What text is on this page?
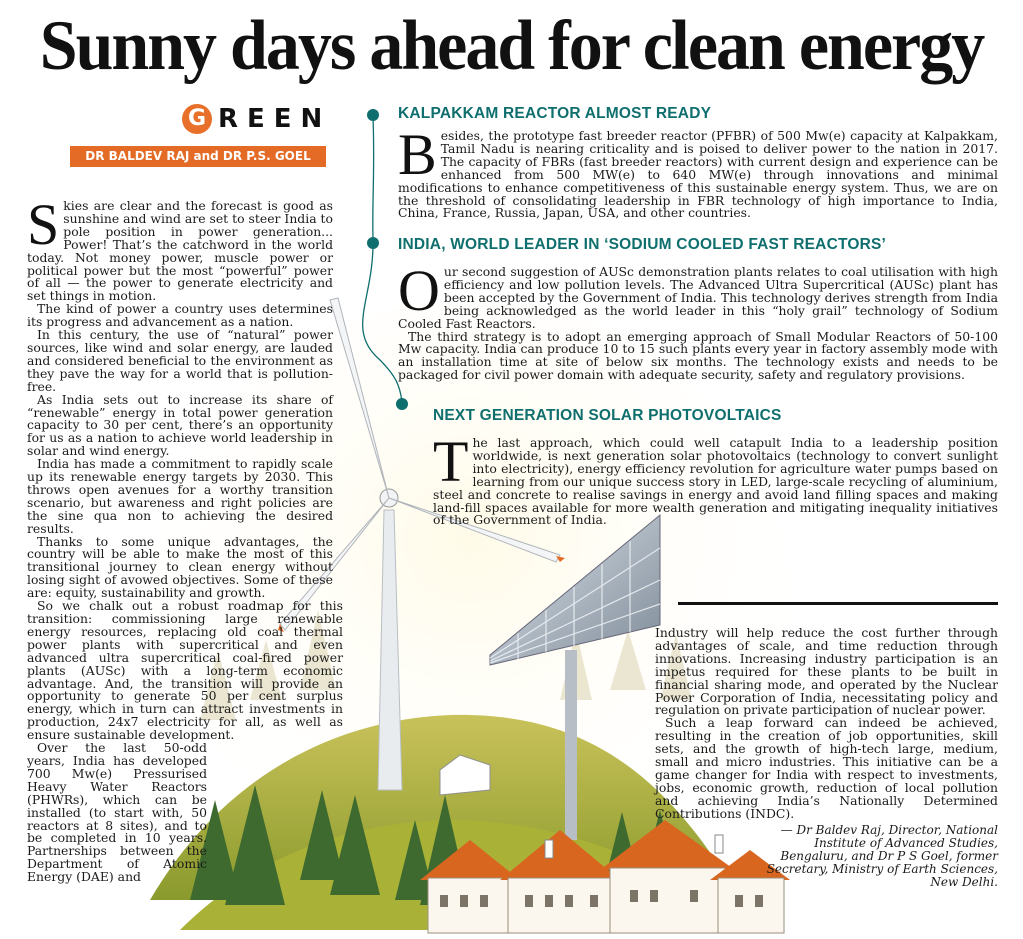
Sunny days ahead for clean energy
G REEN
DR BALDEV RAJ and DR P.S. GOEL
S kies are clear and the forecast is good as sunshine and wind are set to steer India to pole position in power generation... Power! That’s the catchword in the world today. Not money power, muscle power or political power but the most “powerful” power of all — the power to generate electricity and set things in motion.

The kind of power a country uses determines its progress and advancement as a nation.

In this century, the use of “natural” power sources, like wind and solar energy, are lauded and considered beneficial to the environment as they pave the way for a world that is pollution-free.

As India sets out to increase its share of “renewable” energy in total power generation capacity to 30 per cent, there’s an opportunity for us as a nation to achieve world leadership in solar and wind energy.

India has made a commitment to rapidly scale up its renewable energy targets by 2030. This throws open avenues for a worthy transition scenario, but awareness and right policies are the sine qua non to achieving the desired results.

Thanks to some unique advantages, the country will be able to make the most of this transitional journey to clean energy without losing sight of avowed objectives. Some of these are: equity, sustainability and growth.

So we chalk out a robust roadmap for this transition: commissioning large renewable energy resources, replacing old coal thermal power plants with supercritical and even advanced ultra supercritical coal-fired power plants (AUSc) with a long-term economic advantage. And, the transition will provide an opportunity to generate 50 per cent surplus energy, which in turn can attract investments in production, 24x7 electricity for all, as well as ensure sustainable development.

Over the last 50-odd years, India has developed 700 Mw(e) Pressurised Heavy Water Reactors (PHWRs), which can be installed (to start with, 50 reactors at 8 sites), and to be completed in 10 years. Partnerships between the Department of Atomic Energy (DAE) and

KALPAKKAM REACTOR ALMOST READY
B esides, the prototype fast breeder reactor (PFBR) of 500 Mw(e) capacity at Kalpakkam, Tamil Nadu is nearing criticality and is poised to deliver power to the nation in 2017. The capacity of FBRs (fast breeder reactors) with current design and experience can be enhanced from 500 MW(e) to 640 MW(e) through innovations and minimal modifications to enhance competitiveness of this sustainable energy system. Thus, we are on the threshold of consolidating leadership in FBR technology of high importance to India, China, France, Russia, Japan, USA, and other countries.

INDIA, WORLD LEADER IN ‘SODIUM COOLED FAST REACTORS’
O ur second suggestion of AUSc demonstration plants relates to coal utilisation with high efficiency and low pollution levels. The Advanced Ultra Supercritical (AUSc) plant has been accepted by the Government of India. This technology derives strength from India being acknowledged as the world leader in this “holy grail” technology of Sodium Cooled Fast Reactors.

The third strategy is to adopt an emerging approach of Small Modular Reactors of 50-100 Mw capacity. India can produce 10 to 15 such plants every year in factory assembly mode with an installation time at site of below six months. The technology exists and needs to be packaged for civil power domain with adequate security, safety and regulatory provisions.

NEXT GENERATION SOLAR PHOTOVOLTAICS
T he last approach, which could well catapult India to a leadership position worldwide, is next generation solar photovoltaics (technology to convert sunlight into electricity), energy efficiency revolution for agriculture water pumps based on learning from our unique success story in LED, large-scale recycling of aluminium, steel and concrete to realise savings in energy and avoid land filling spaces and making land-fill spaces available for more wealth generation and mitigating inequality initiatives of the Government of India.

Industry will help reduce the cost further through advantages of scale, and time reduction through innovations. Increasing industry participation is an impetus required for these plants to be built in financial sharing mode, and operated by the Nuclear Power Corporation of India, necessitating policy and regulation on private participation of nuclear power.

Such a leap forward can indeed be achieved, resulting in the creation of job opportunities, skill sets, and the growth of high-tech large, medium, small and micro industries. This initiative can be a game changer for India with respect to investments, jobs, economic growth, reduction of local pollution and achieving India’s Nationally Determined Contributions (INDC).

— Dr Baldev Raj, Director, National Institute of Advanced Studies, Bengaluru, and Dr P S Goel, former Secretary, Ministry of Earth Sciences, New Delhi.
